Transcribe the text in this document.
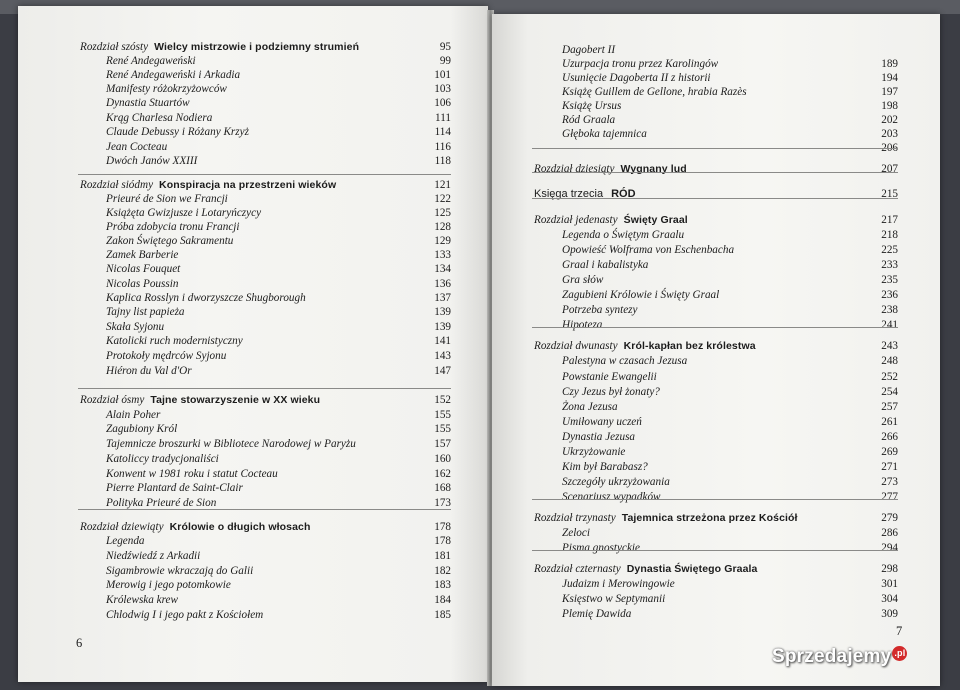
Rozdział szósty Wielcy mistrzowie i podziemny strumień	95
René Andegaweński	99
René Andegaweński i Arkadia	101
Manifesty różokrzyżowców	103
Dynastia Stuartów	106
Krąg Charlesa Nodiera	111
Claude Debussy i Różany Krzyż	114
Jean Cocteau	116
Dwóch Janów XXIII	118
Rozdział siódmy Konspiracja na przestrzeni wieków	121
Prieuré de Sion we Francji	122
Książęta Gwizjusze i Lotaryńczycy	125
Próba zdobycia tronu Francji	128
Zakon Świętego Sakramentu	129
Zamek Barberie	133
Nicolas Fouquet	134
Nicolas Poussin	136
Kaplica Rosslyn i dworzyszcze Shugborough	137
Tajny list papieża	139
Skała Syjonu	139
Katolicki ruch modernistyczny	141
Protokoły mędrców Syjonu	143
Hiéron du Val d'Or	147
Rozdział ósmy Tajne stowarzyszenie w XX wieku	152
Alain Poher	155
Zagubiony Król	155
Tajemnicze broszurki w Bibliotece Narodowej w Paryżu	157
Katoliccy tradycjonaliści	160
Konwent w 1981 roku i statut Cocteau	162
Pierre Plantard de Saint-Clair	168
Polityka Prieuré de Sion	173
Rozdział dziewiąty Królowie o długich włosach	178
Legenda	178
Niedźwiedź z Arkadii	181
Sigambrowie wkraczają do Galii	182
Merowig i jego potomkowie	183
Królewska krew	184
Chlodwig I i jego pakt z Kościołem	185
6
Dagobert II
Uzurpacja tronu przez Karolingów	189
Usunięcie Dagoberta II z historii	194
Książę Guillem de Gellone, hrabia Razès	197
Książę Ursus	198
Ród Graala	202
Głęboka tajemnica	203
206
Rozdział dziesiąty Wygnany lud	207
Księga trzecia RÓD	215
Rozdział jedenasty Święty Graal	217
Legenda o Świętym Graalu	218
Opowieść Wolframa von Eschenbacha	225
Graal i kabalistyka	233
Gra słów	235
Zagubieni Królowie i Święty Graal	236
Potrzeba syntezy	238
Hipoteza	241
Rozdział dwunasty Król-kapłan bez królestwa	243
Palestyna w czasach Jezusa	248
Powstanie Ewangelii	252
Czy Jezus był żonaty?	254
Żona Jezusa	257
Umiłowany uczeń	261
Dynastia Jezusa	266
Ukrzyżowanie	269
Kim był Barabasz?	271
Szczegóły ukrzyżowania	273
Scenariusz wypadków	277
Rozdział trzynasty Tajemnica strzeżona przez Kościół	279
Zeloci	286
Pisma gnostyckie	294
Rozdział czternasty Dynastia Świętego Graala	298
Judaizm i Merowingowie	301
Księstwo w Septymanii	304
Plemię Dawida	309
7
Sprzedajemy .pl
